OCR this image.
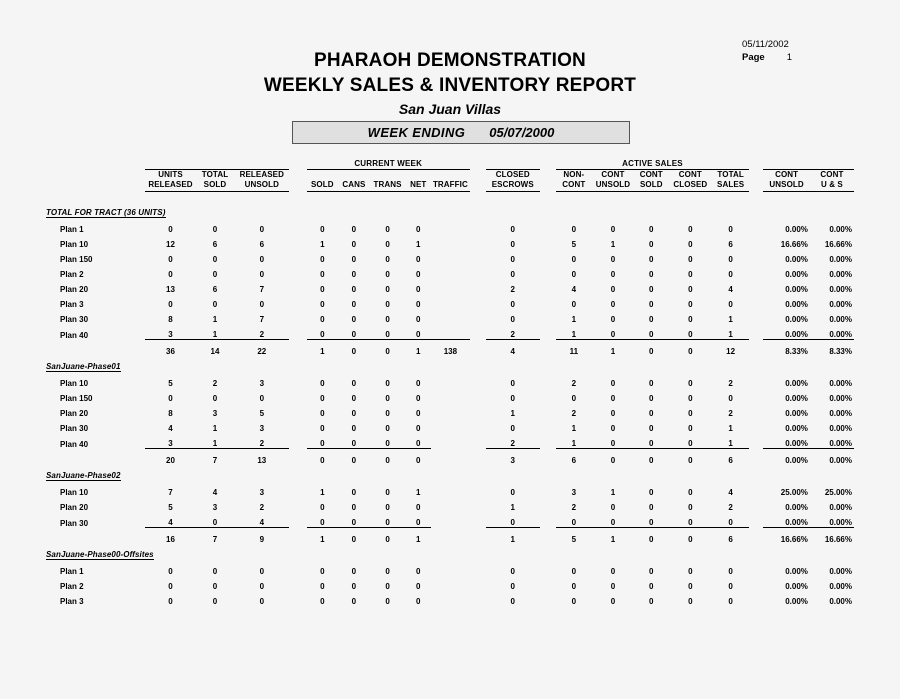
05/11/2002
Page 1
PHARAOH DEMONSTRATION
WEEKLY SALES & INVENTORY REPORT
San Juan Villas
WEEK ENDING	05/07/2000
						CURRENT WEEK								ACTIVE SALES							
		UNITS	TOTAL	RELEASED								CLOSED		NON-	CONT	CONT	CONT	TOTAL		CONT	CONT
		RELEASED	SOLD	UNSOLD		SOLD	CANS	TRANS	NET	TRAFFIC		ESCROWS		CONT	UNSOLD	SOLD	CLOSED	SALES		UNSOLD	U & S

TOTAL FOR TRACT (36 UNITS)																					
Plan 1		0	0	0		0	0	0	0			0		0	0	0	0	0		0.00%	0.00%
Plan 10		12	6	6		1	0	0	1			0		5	1	0	0	6		16.66%	16.66%
Plan 150		0	0	0		0	0	0	0			0		0	0	0	0	0		0.00%	0.00%
Plan 2		0	0	0		0	0	0	0			0		0	0	0	0	0		0.00%	0.00%
Plan 20		13	6	7		0	0	0	0			2		4	0	0	0	4		0.00%	0.00%
Plan 3		0	0	0		0	0	0	0			0		0	0	0	0	0		0.00%	0.00%
Plan 30		8	1	7		0	0	0	0			0		1	0	0	0	1		0.00%	0.00%
Plan 40		3	1	2		0	0	0	0			2		1	0	0	0	1		0.00%	0.00%
		36	14	22		1	0	0	1	138		4		11	1	0	0	12		8.33%	8.33%
SanJuane-Phase01																					
Plan 10		5	2	3		0	0	0	0			0		2	0	0	0	2		0.00%	0.00%
Plan 150		0	0	0		0	0	0	0			0		0	0	0	0	0		0.00%	0.00%
Plan 20		8	3	5		0	0	0	0			1		2	0	0	0	2		0.00%	0.00%
Plan 30		4	1	3		0	0	0	0			0		1	0	0	0	1		0.00%	0.00%
Plan 40		3	1	2		0	0	0	0			2		1	0	0	0	1		0.00%	0.00%
		20	7	13		0	0	0	0			3		6	0	0	0	6		0.00%	0.00%
SanJuane-Phase02																					
Plan 10		7	4	3		1	0	0	1			0		3	1	0	0	4		25.00%	25.00%
Plan 20		5	3	2		0	0	0	0			1		2	0	0	0	2		0.00%	0.00%
Plan 30		4	0	4		0	0	0	0			0		0	0	0	0	0		0.00%	0.00%
		16	7	9		1	0	0	1			1		5	1	0	0	6		16.66%	16.66%
SanJuane-Phase00-Offsites																					
Plan 1		0	0	0		0	0	0	0			0		0	0	0	0	0		0.00%	0.00%
Plan 2		0	0	0		0	0	0	0			0		0	0	0	0	0		0.00%	0.00%
Plan 3		0	0	0		0	0	0	0			0		0	0	0	0	0		0.00%	0.00%
